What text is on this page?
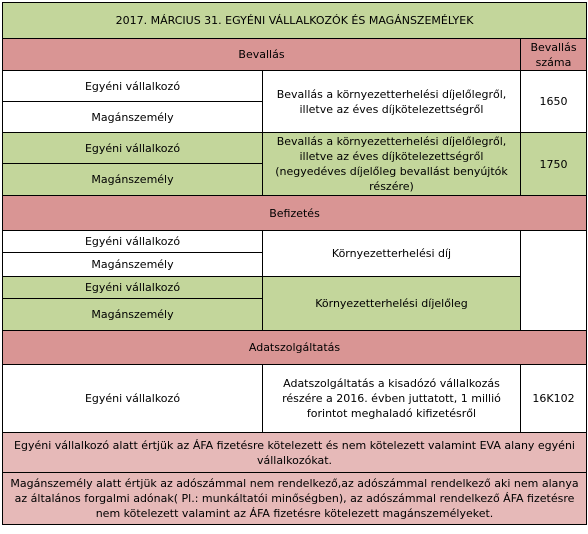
2017. MÁRCIUS 31. EGYÉNI VÁLLALKOZÓK ÉS MAGÁNSZEMÉLYEK		
Bevallás		Bevallás száma
Egyéni vállalkozó	Bevallás a környezetterhelési díjelőlegről, illetve az éves díjkötelezettségről	1650
Magánszemély		
Egyéni vállalkozó	Bevallás a környezetterhelési díjelőlegről, illetve az éves díjkötelezettségről (negyedéves díjelőleg bevallást benyújtók részére)	1750
Magánszemély		
Befizetés		
Egyéni vállalkozó	Környezetterhelési díj	
Magánszemély		
Egyéni vállalkozó	Környezetterhelési díjelőleg	
Magánszemély		
Adatszolgáltatás		
Egyéni vállalkozó	Adatszolgáltatás a kisadózó vállalkozás részére a 2016. évben juttatott, 1 millió forintot meghaladó kifizetésről	16K102
Egyéni vállalkozó alatt értjük az ÁFA fizetésre kötelezett és nem kötelezett valamint EVA alany egyéni vállalkozókat.		
Magánszemély alatt értjük az adószámmal nem rendelkező,az adószámmal rendelkező aki nem alanya az általános forgalmi adónak( Pl.: munkáltatói minőségben), az adószámmal rendelkező ÁFA fizetésre nem kötelezett valamint az ÁFA fizetésre kötelezett magánszemélyeket.		
